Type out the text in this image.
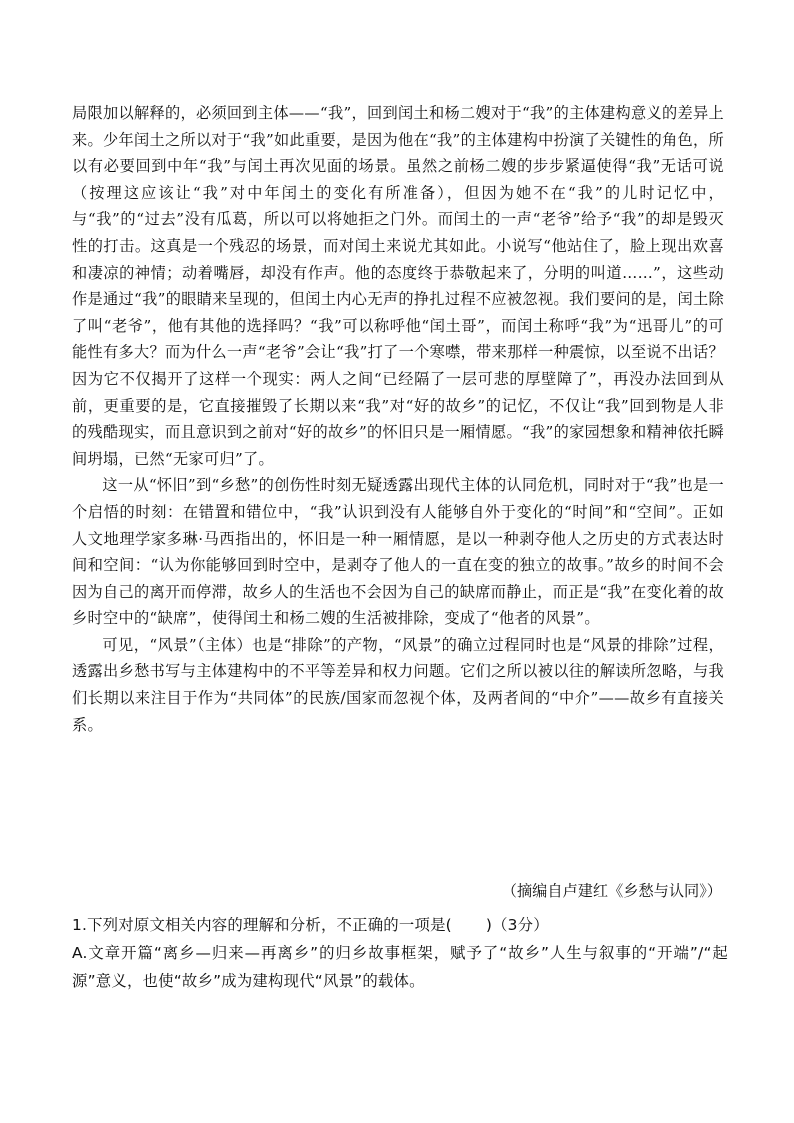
局限加以解释的，必须回到主体——“我”，回到闰土和杨二嫂对于“我”的主体建构意义的差异上来。少年闰土之所以对于“我”如此重要，是因为他在“我”的主体建构中扮演了关键性的角色，所以有必要回到中年“我”与闰土再次见面的场景。虽然之前杨二嫂的步步紧逼使得“我”无话可说（按理这应该让“我”对中年闰土的变化有所准备），但因为她不在“我”的儿时记忆中，与“我”的“过去”没有瓜葛，所以可以将她拒之门外。而闰土的一声“老爷”给予“我”的却是毁灭性的打击。这真是一个残忍的场景，而对闰土来说尤其如此。小说写“他站住了，脸上现出欢喜和凄凉的神情；动着嘴唇，却没有作声。他的态度终于恭敬起来了，分明的叫道……”，这些动作是通过“我”的眼睛来呈现的，但闰土内心无声的挣扎过程不应被忽视。我们要问的是，闰土除了叫“老爷”，他有其他的选择吗？“我”可以称呼他“闰土哥”，而闰土称呼“我”为“迅哥儿”的可能性有多大？而为什么一声“老爷”会让“我”打了一个寒噤，带来那样一种震惊，以至说不出话？因为它不仅揭开了这样一个现实：两人之间“已经隔了一层可悲的厚壁障了”，再没办法回到从前，更重要的是，它直接摧毁了长期以来“我”对“好的故乡”的记忆，不仅让“我”回到物是人非的残酷现实，而且意识到之前对“好的故乡”的怀旧只是一厢情愿。“我”的家园想象和精神依托瞬间坍塌，已然“无家可归”了。

这一从“怀旧”到“乡愁”的创伤性时刻无疑透露出现代主体的认同危机，同时对于“我”也是一个启悟的时刻：在错置和错位中，“我”认识到没有人能够自外于变化的“时间”和“空间”。正如人文地理学家多琳·马西指出的，怀旧是一种一厢情愿，是以一种剥夺他人之历史的方式表达时间和空间：“认为你能够回到时空中，是剥夺了他人的一直在变的独立的故事。”故乡的时间不会因为自己的离开而停滞，故乡人的生活也不会因为自己的缺席而静止，而正是“我”在变化着的故乡时空中的“缺席”，使得闰土和杨二嫂的生活被排除，变成了“他者的风景”。

可见，“风景”（主体）也是“排除”的产物，“风景”的确立过程同时也是“风景的排除”过程，透露出乡愁书写与主体建构中的不平等差异和权力问题。它们之所以被以往的解读所忽略，与我们长期以来注目于作为“共同体”的民族/国家而忽视个体，及两者间的“中介”——故乡有直接关系。

（摘编自卢建红《乡愁与认同》）

1.下列对原文相关内容的理解和分析，不正确的一项是( )（3分）

A.文章开篇“离乡—归来—再离乡”的归乡故事框架，赋予了“故乡”人生与叙事的“开端”/“起源”意义，也使“故乡”成为建构现代“风景”的载体。
